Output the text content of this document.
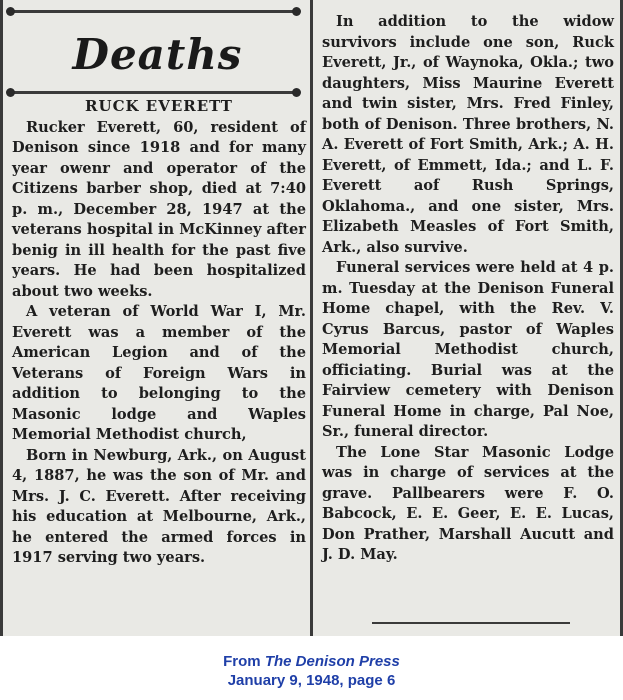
Deaths

RUCK EVERETT

Rucker Everett, 60, resident of Denison since 1918 and for many year owenr and operator of the Citizens barber shop, died at 7:40 p. m., December 28, 1947 at the veterans hospital in McKinney after benig in ill health for the past five years. He had been hospitalized about two weeks.

A veteran of World War I, Mr. Everett was a member of the American Legion and of the Veterans of Foreign Wars in addition to belonging to the Masonic lodge and Waples Memorial Methodist church,

Born in Newburg, Ark., on August 4, 1887, he was the son of Mr. and Mrs. J. C. Everett. After receiving his education at Melbourne, Ark., he entered the armed forces in 1917 serving two years.

In addition to the widow survivors include one son, Ruck Everett, Jr., of Waynoka, Okla.; two daughters, Miss Maurine Everett and twin sister, Mrs. Fred Finley, both of Denison. Three brothers, N. A. Everett of Fort Smith, Ark.; A. H. Everett, of Emmett, Ida.; and L. F. Everett aof Rush Springs, Oklahoma., and one sister, Mrs. Elizabeth Measles of Fort Smith, Ark., also survive.

Funeral services were held at 4 p. m. Tuesday at the Denison Funeral Home chapel, with the Rev. V. Cyrus Barcus, pastor of Waples Memorial Methodist church, officiating. Burial was at the Fairview cemetery with Denison Funeral Home in charge, Pal Noe, Sr., funeral director.

The Lone Star Masonic Lodge was in charge of services at the grave. Pallbearers were F. O. Babcock, E. E. Geer, E. E. Lucas, Don Prather, Marshall Aucutt and J. D. May.

From The Denison Press
January 9, 1948, page 6
